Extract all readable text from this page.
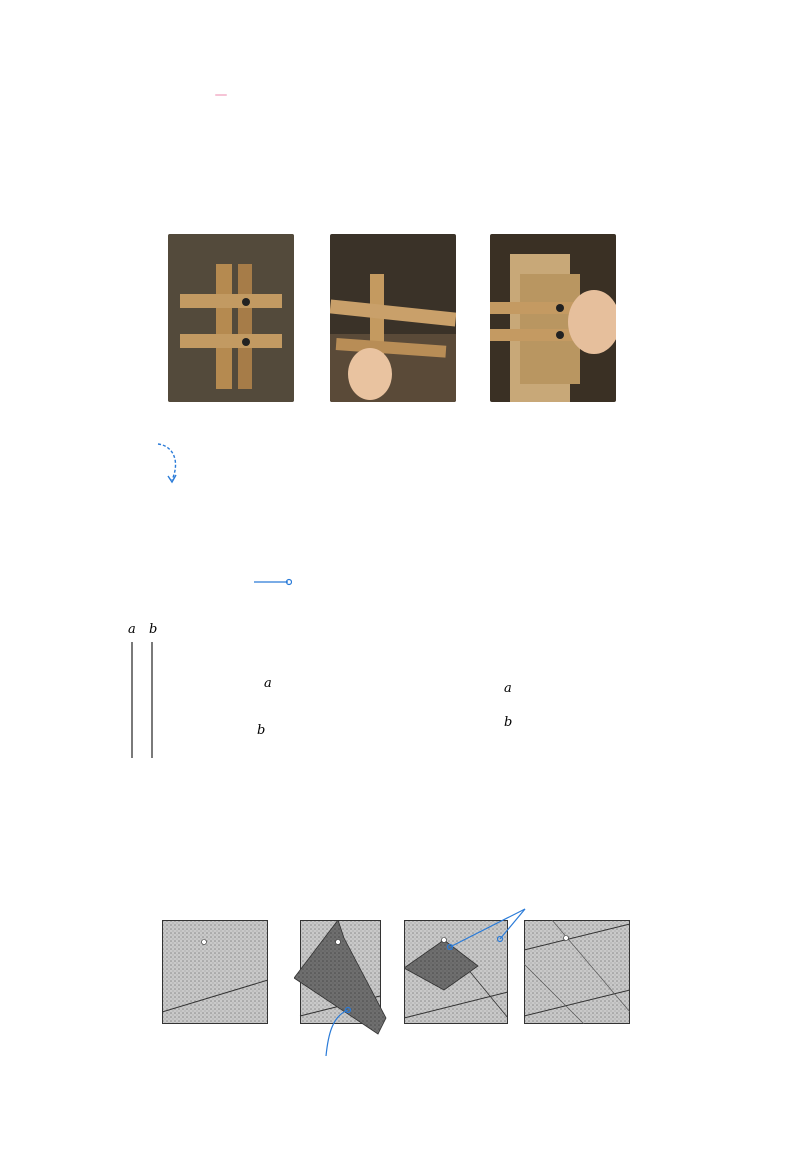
a b
a
b
a
b
